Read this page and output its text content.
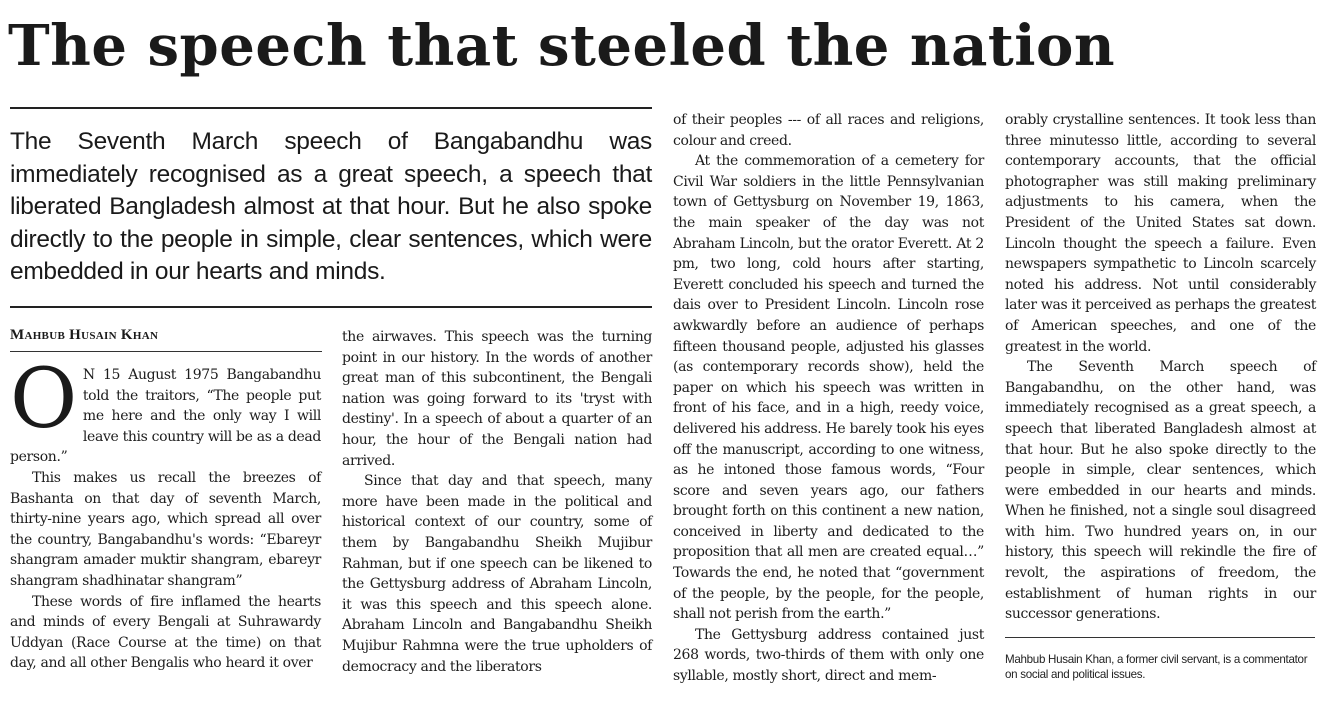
The speech that steeled the nation

The Seventh March speech of Bangabandhu was immediately recognised as a great speech, a speech that liberated Bangladesh almost at that hour. But he also spoke directly to the people in simple, clear sentences, which were embedded in our hearts and minds.

Mahbub Husain Khan

O N 15 August 1975 Bangabandhu told the traitors, “The people put me here and the only way I will leave this country will be as a dead person.”

This makes us recall the breezes of Bashanta on that day of seventh March, thirty-nine years ago, which spread all over the country, Bangabandhu's words: “Ebareyr shangram amader muktir shangram, ebareyr shangram shadhinatar shangram”

These words of fire inflamed the hearts and minds of every Bengali at Suhrawardy Uddyan (Race Course at the time) on that day, and all other Bengalis who heard it over

the airwaves. This speech was the turning point in our history. In the words of another great man of this subcontinent, the Bengali nation was going forward to its 'tryst with destiny'. In a speech of about a quarter of an hour, the hour of the Bengali nation had arrived.

Since that day and that speech, many more have been made in the political and historical context of our country, some of them by Bangabandhu Sheikh Mujibur Rahman, but if one speech can be likened to the Gettysburg address of Abraham Lincoln, it was this speech and this speech alone. Abraham Lincoln and Bangabandhu Sheikh Mujibur Rahmna were the true upholders of democracy and the liberators

of their peoples --- of all races and religions, colour and creed.

At the commemoration of a cemetery for Civil War soldiers in the little Pennsylvanian town of Gettysburg on November 19, 1863, the main speaker of the day was not Abraham Lincoln, but the orator Everett. At 2 pm, two long, cold hours after starting, Everett concluded his speech and turned the dais over to President Lincoln. Lincoln rose awkwardly before an audience of perhaps fifteen thousand people, adjusted his glasses (as contemporary records show), held the paper on which his speech was written in front of his face, and in a high, reedy voice, delivered his address. He barely took his eyes off the manuscript, according to one witness, as he intoned those famous words, “Four score and seven years ago, our fathers brought forth on this continent a new nation, conceived in liberty and dedicated to the proposition that all men are created equal…” Towards the end, he noted that “government of the people, by the people, for the people, shall not perish from the earth.”

The Gettysburg address contained just 268 words, two-thirds of them with only one syllable, mostly short, direct and mem-

orably crystalline sentences. It took less than three minutesso little, according to several contemporary accounts, that the official photographer was still making preliminary adjustments to his camera, when the President of the United States sat down. Lincoln thought the speech a failure. Even newspapers sympathetic to Lincoln scarcely noted his address. Not until considerably later was it perceived as perhaps the greatest of American speeches, and one of the greatest in the world.

The Seventh March speech of Bangabandhu, on the other hand, was immediately recognised as a great speech, a speech that liberated Bangladesh almost at that hour. But he also spoke directly to the people in simple, clear sentences, which were embedded in our hearts and minds. When he finished, not a single soul disagreed with him. Two hundred years on, in our history, this speech will rekindle the fire of revolt, the aspirations of freedom, the establishment of human rights in our successor generations.

Mahbub Husain Khan, a former civil servant, is a commentator on social and political issues.
